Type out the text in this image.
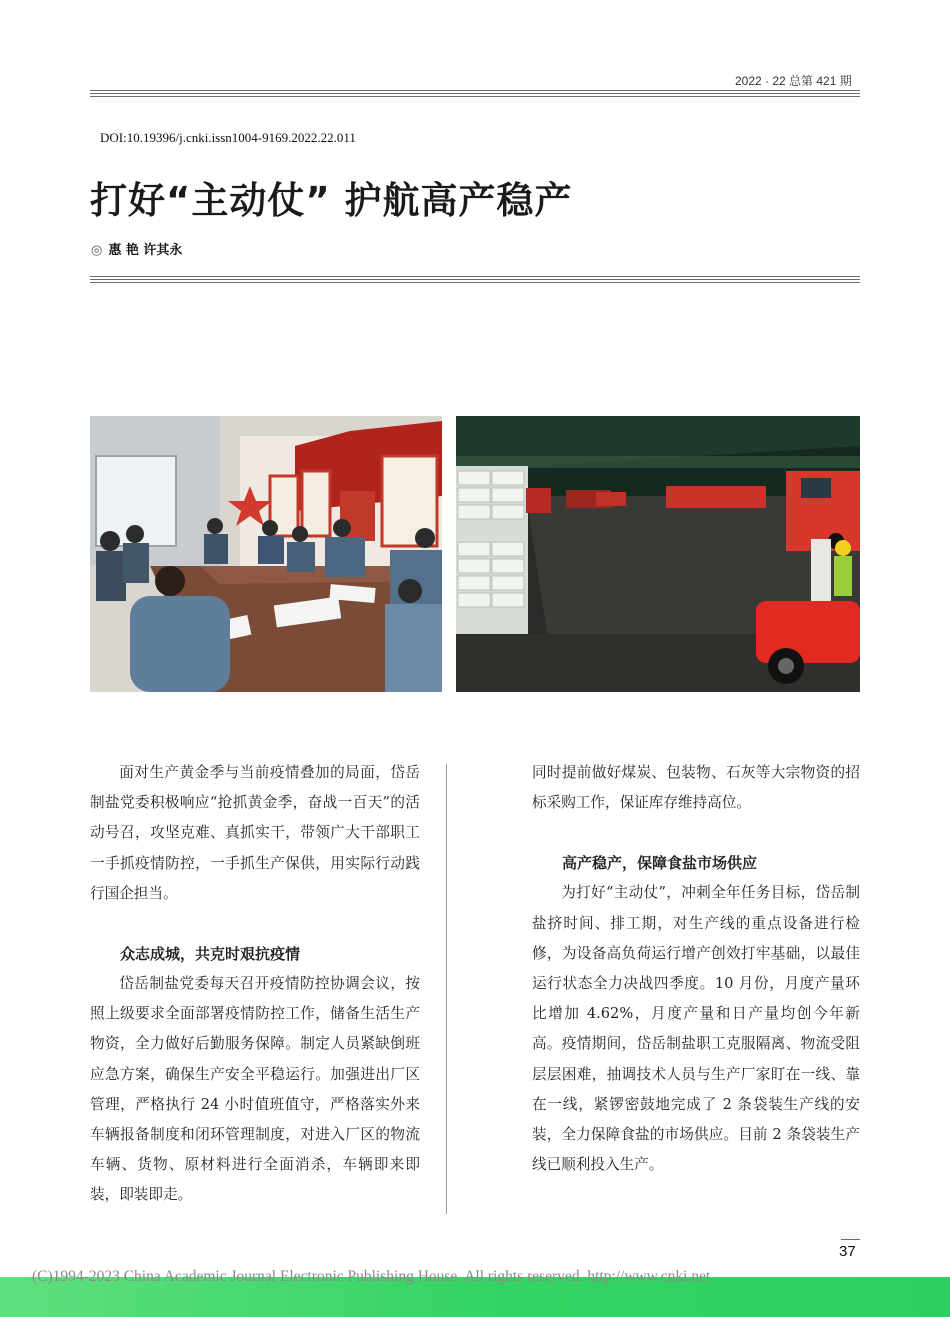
2022 · 22 总第 421 期
DOI:10.19396/j.cnki.issn1004-9169.2022.22.011
打好“主动仗” 护航高产稳产
◎ 惠 艳 许其永

面对生产黄金季与当前疫情叠加的局面，岱岳制盐党委积极响应“抢抓黄金季，奋战一百天”的活动号召，攻坚克难、真抓实干，带领广大干部职工一手抓疫情防控，一手抓生产保供，用实际行动践行国企担当。

众志成城，共克时艰抗疫情

岱岳制盐党委每天召开疫情防控协调会议，按照上级要求全面部署疫情防控工作，储备生活生产物资，全力做好后勤服务保障。制定人员紧缺倒班应急方案，确保生产安全平稳运行。加强进出厂区管理，严格执行 24 小时值班值守，严格落实外来车辆报备制度和闭环管理制度，对进入厂区的物流车辆、货物、原材料进行全面消杀，车辆即来即装，即装即走。

同时提前做好煤炭、包装物、石灰等大宗物资的招标采购工作，保证库存维持高位。

高产稳产，保障食盐市场供应

为打好“主动仗”，冲刺全年任务目标，岱岳制盐挤时间、排工期，对生产线的重点设备进行检修，为设备高负荷运行增产创效打牢基础，以最佳运行状态全力决战四季度。10 月份，月度产量环比增加 4.62%，月度产量和日产量均创今年新高。疫情期间，岱岳制盐职工克服隔离、物流受阻层层困难，抽调技术人员与生产厂家盯在一线、靠在一线，紧锣密鼓地完成了 2 条袋装生产线的安装，全力保障食盐的市场供应。目前 2 条袋装生产线已顺利投入生产。

37
(C)1994-2023 China Academic Journal Electronic Publishing House. All rights reserved. http://www.cnki.net
